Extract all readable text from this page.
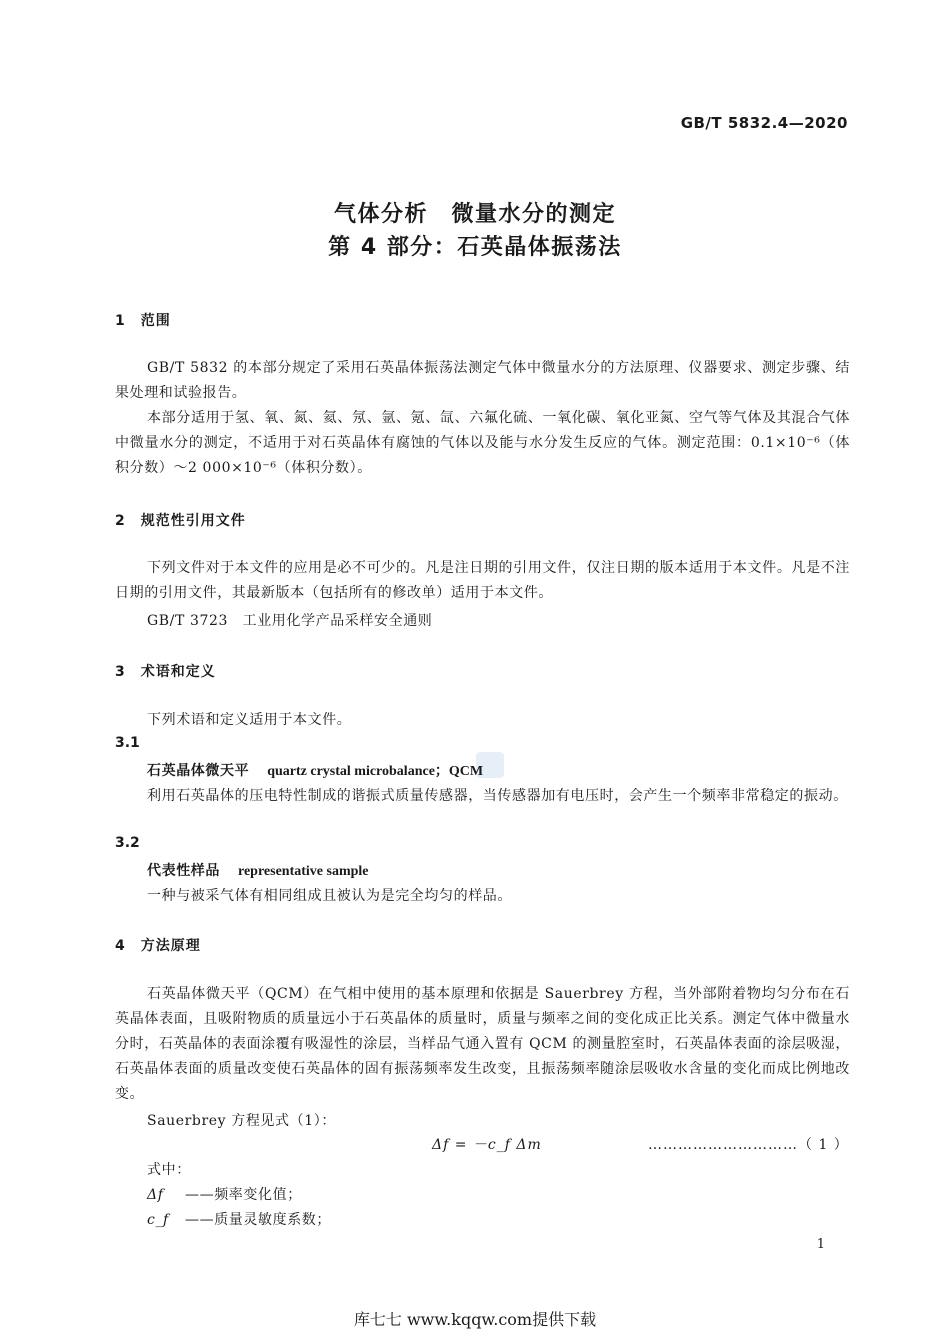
GB/T 5832.4—2020
气体分析　微量水分的测定
第 4 部分：石英晶体振荡法
1　范围
GB/T 5832 的本部分规定了采用石英晶体振荡法测定气体中微量水分的方法原理、仪器要求、测定步骤、结果处理和试验报告。
本部分适用于氢、氧、氮、氦、氖、氩、氪、氙、六氟化硫、一氧化碳、氧化亚氮、空气等气体及其混合气体中微量水分的测定，不适用于对石英晶体有腐蚀的气体以及能与水分发生反应的气体。测定范围：0.1×10⁻⁶（体积分数）～2 000×10⁻⁶（体积分数）。
2　规范性引用文件
下列文件对于本文件的应用是必不可少的。凡是注日期的引用文件，仅注日期的版本适用于本文件。凡是不注日期的引用文件，其最新版本（包括所有的修改单）适用于本文件。
GB/T 3723　工业用化学产品采样安全通则
3　术语和定义
下列术语和定义适用于本文件。
3.1
石英晶体微天平 quartz crystal microbalance；QCM
利用石英晶体的压电特性制成的谐振式质量传感器，当传感器加有电压时，会产生一个频率非常稳定的振动。
3.2
代表性样品 representative sample
一种与被采气体有相同组成且被认为是完全均匀的样品。
4　方法原理
石英晶体微天平（QCM）在气相中使用的基本原理和依据是 Sauerbrey 方程，当外部附着物均匀分布在石英晶体表面，且吸附物质的质量远小于石英晶体的质量时，质量与频率之间的变化成正比关系。测定气体中微量水分时，石英晶体的表面涂覆有吸湿性的涂层，当样品气通入置有 QCM 的测量腔室时，石英晶体表面的涂层吸湿，石英晶体表面的质量改变使石英晶体的固有振荡频率发生改变，且振荡频率随涂层吸收水含量的变化而成比例地改变。
Sauerbrey 方程见式（1）：
Δf = －c_f Δm	…………………………（ 1 ）
式中：
Δf ——频率变化值；
c_f ——质量灵敏度系数；
1
库七七 www.kqqw.com提供下载
